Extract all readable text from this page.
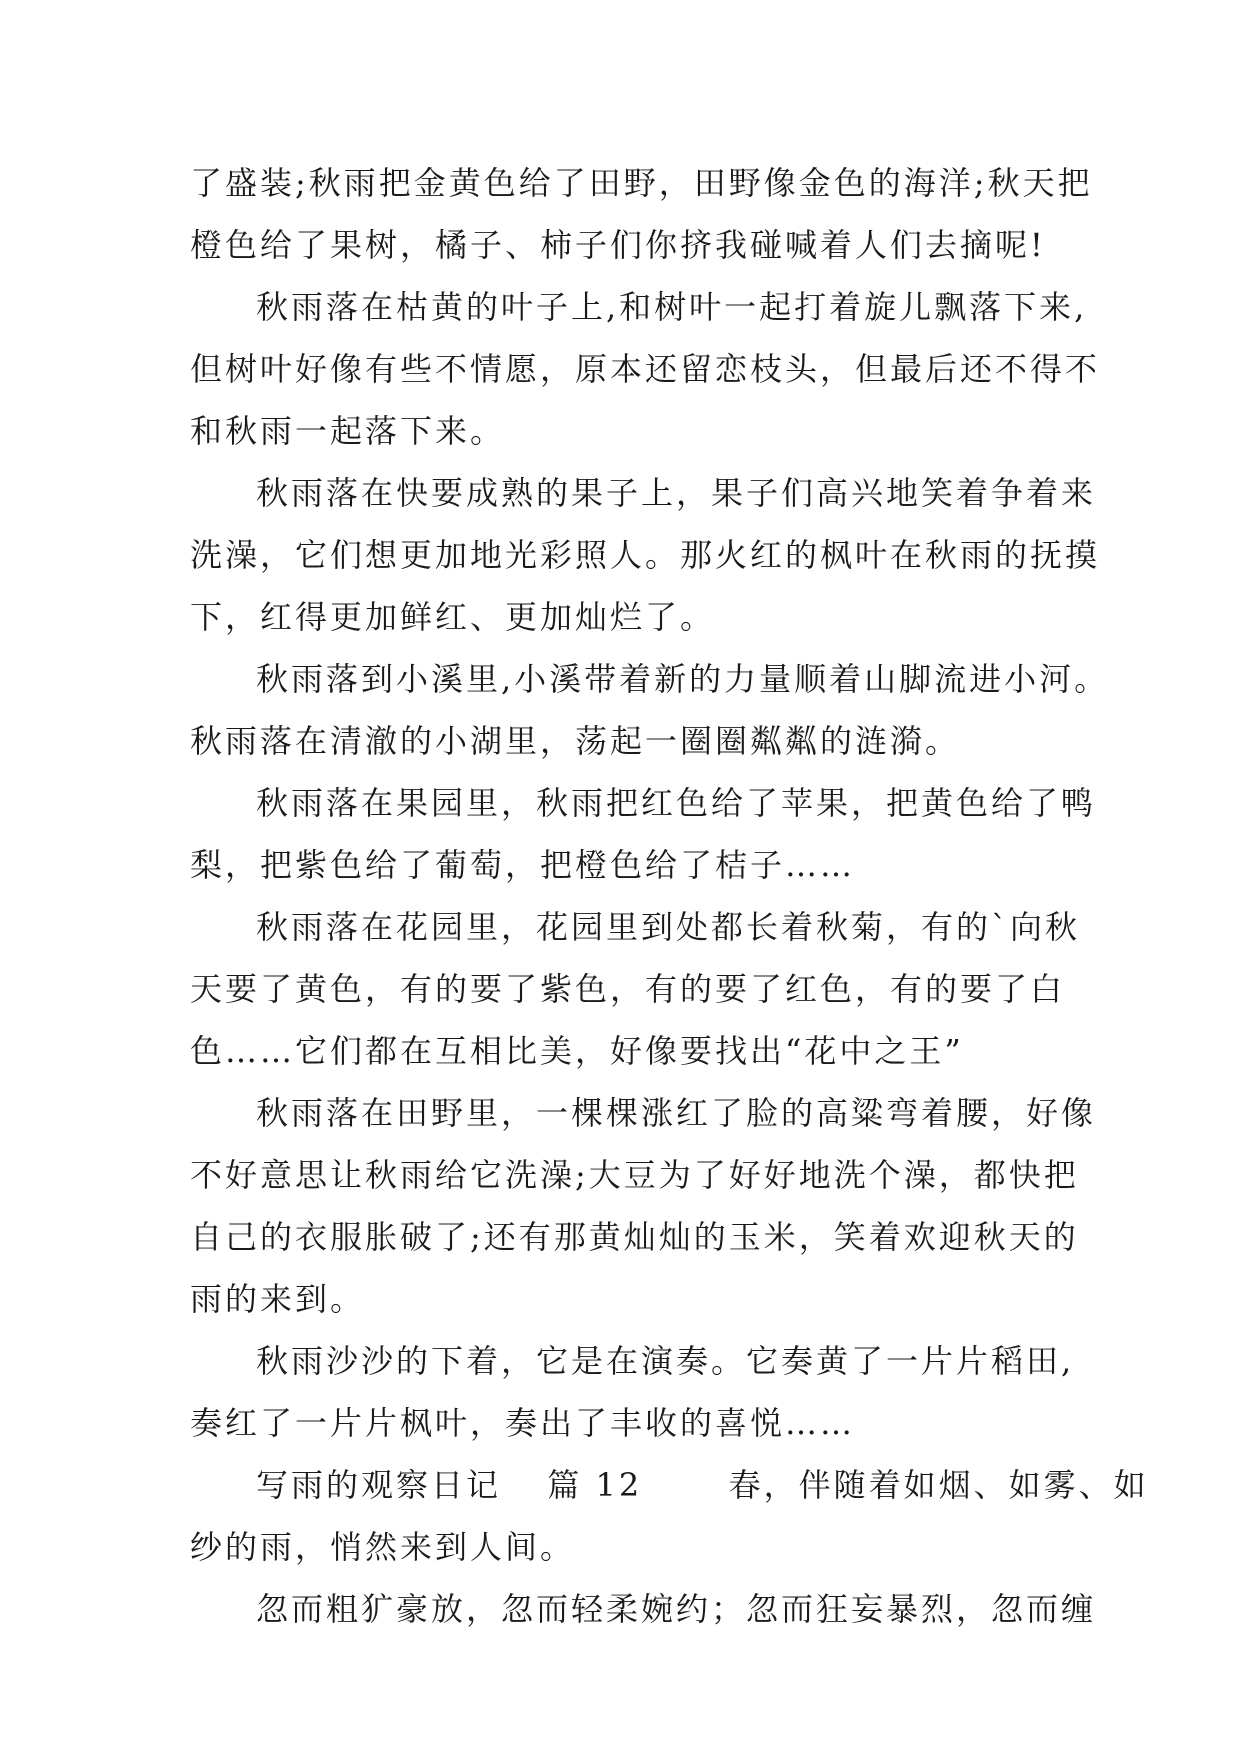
了盛装;秋雨把金黄色给了田野，田野像金色的海洋;秋天把
橙色给了果树，橘子、柿子们你挤我碰喊着人们去摘呢!
秋雨落在枯黄的叶子上,和树叶一起打着旋儿飘落下来,
但树叶好像有些不情愿，原本还留恋枝头，但最后还不得不
和秋雨一起落下来。
秋雨落在快要成熟的果子上，果子们高兴地笑着争着来
洗澡，它们想更加地光彩照人。那火红的枫叶在秋雨的抚摸
下，红得更加鲜红、更加灿烂了。
秋雨落到小溪里,小溪带着新的力量顺着山脚流进小河。
秋雨落在清澈的小湖里，荡起一圈圈粼粼的涟漪。
秋雨落在果园里，秋雨把红色给了苹果，把黄色给了鸭
梨，把紫色给了葡萄，把橙色给了桔子……
秋雨落在花园里，花园里到处都长着秋菊，有的`向秋
天要了黄色，有的要了紫色，有的要了红色，有的要了白
色……它们都在互相比美，好像要找出“花中之王”
秋雨落在田野里，一棵棵涨红了脸的高粱弯着腰，好像
不好意思让秋雨给它洗澡;大豆为了好好地洗个澡，都快把
自己的衣服胀破了;还有那黄灿灿的玉米，笑着欢迎秋天的
雨的来到。
秋雨沙沙的下着，它是在演奏。它奏黄了一片片稻田,
奏红了一片片枫叶，奏出了丰收的喜悦……
写雨的观察日记 篇 12	春，伴随着如烟、如雾、如
纱的雨，悄然来到人间。
忽而粗犷豪放，忽而轻柔婉约；忽而狂妄暴烈，忽而缠
